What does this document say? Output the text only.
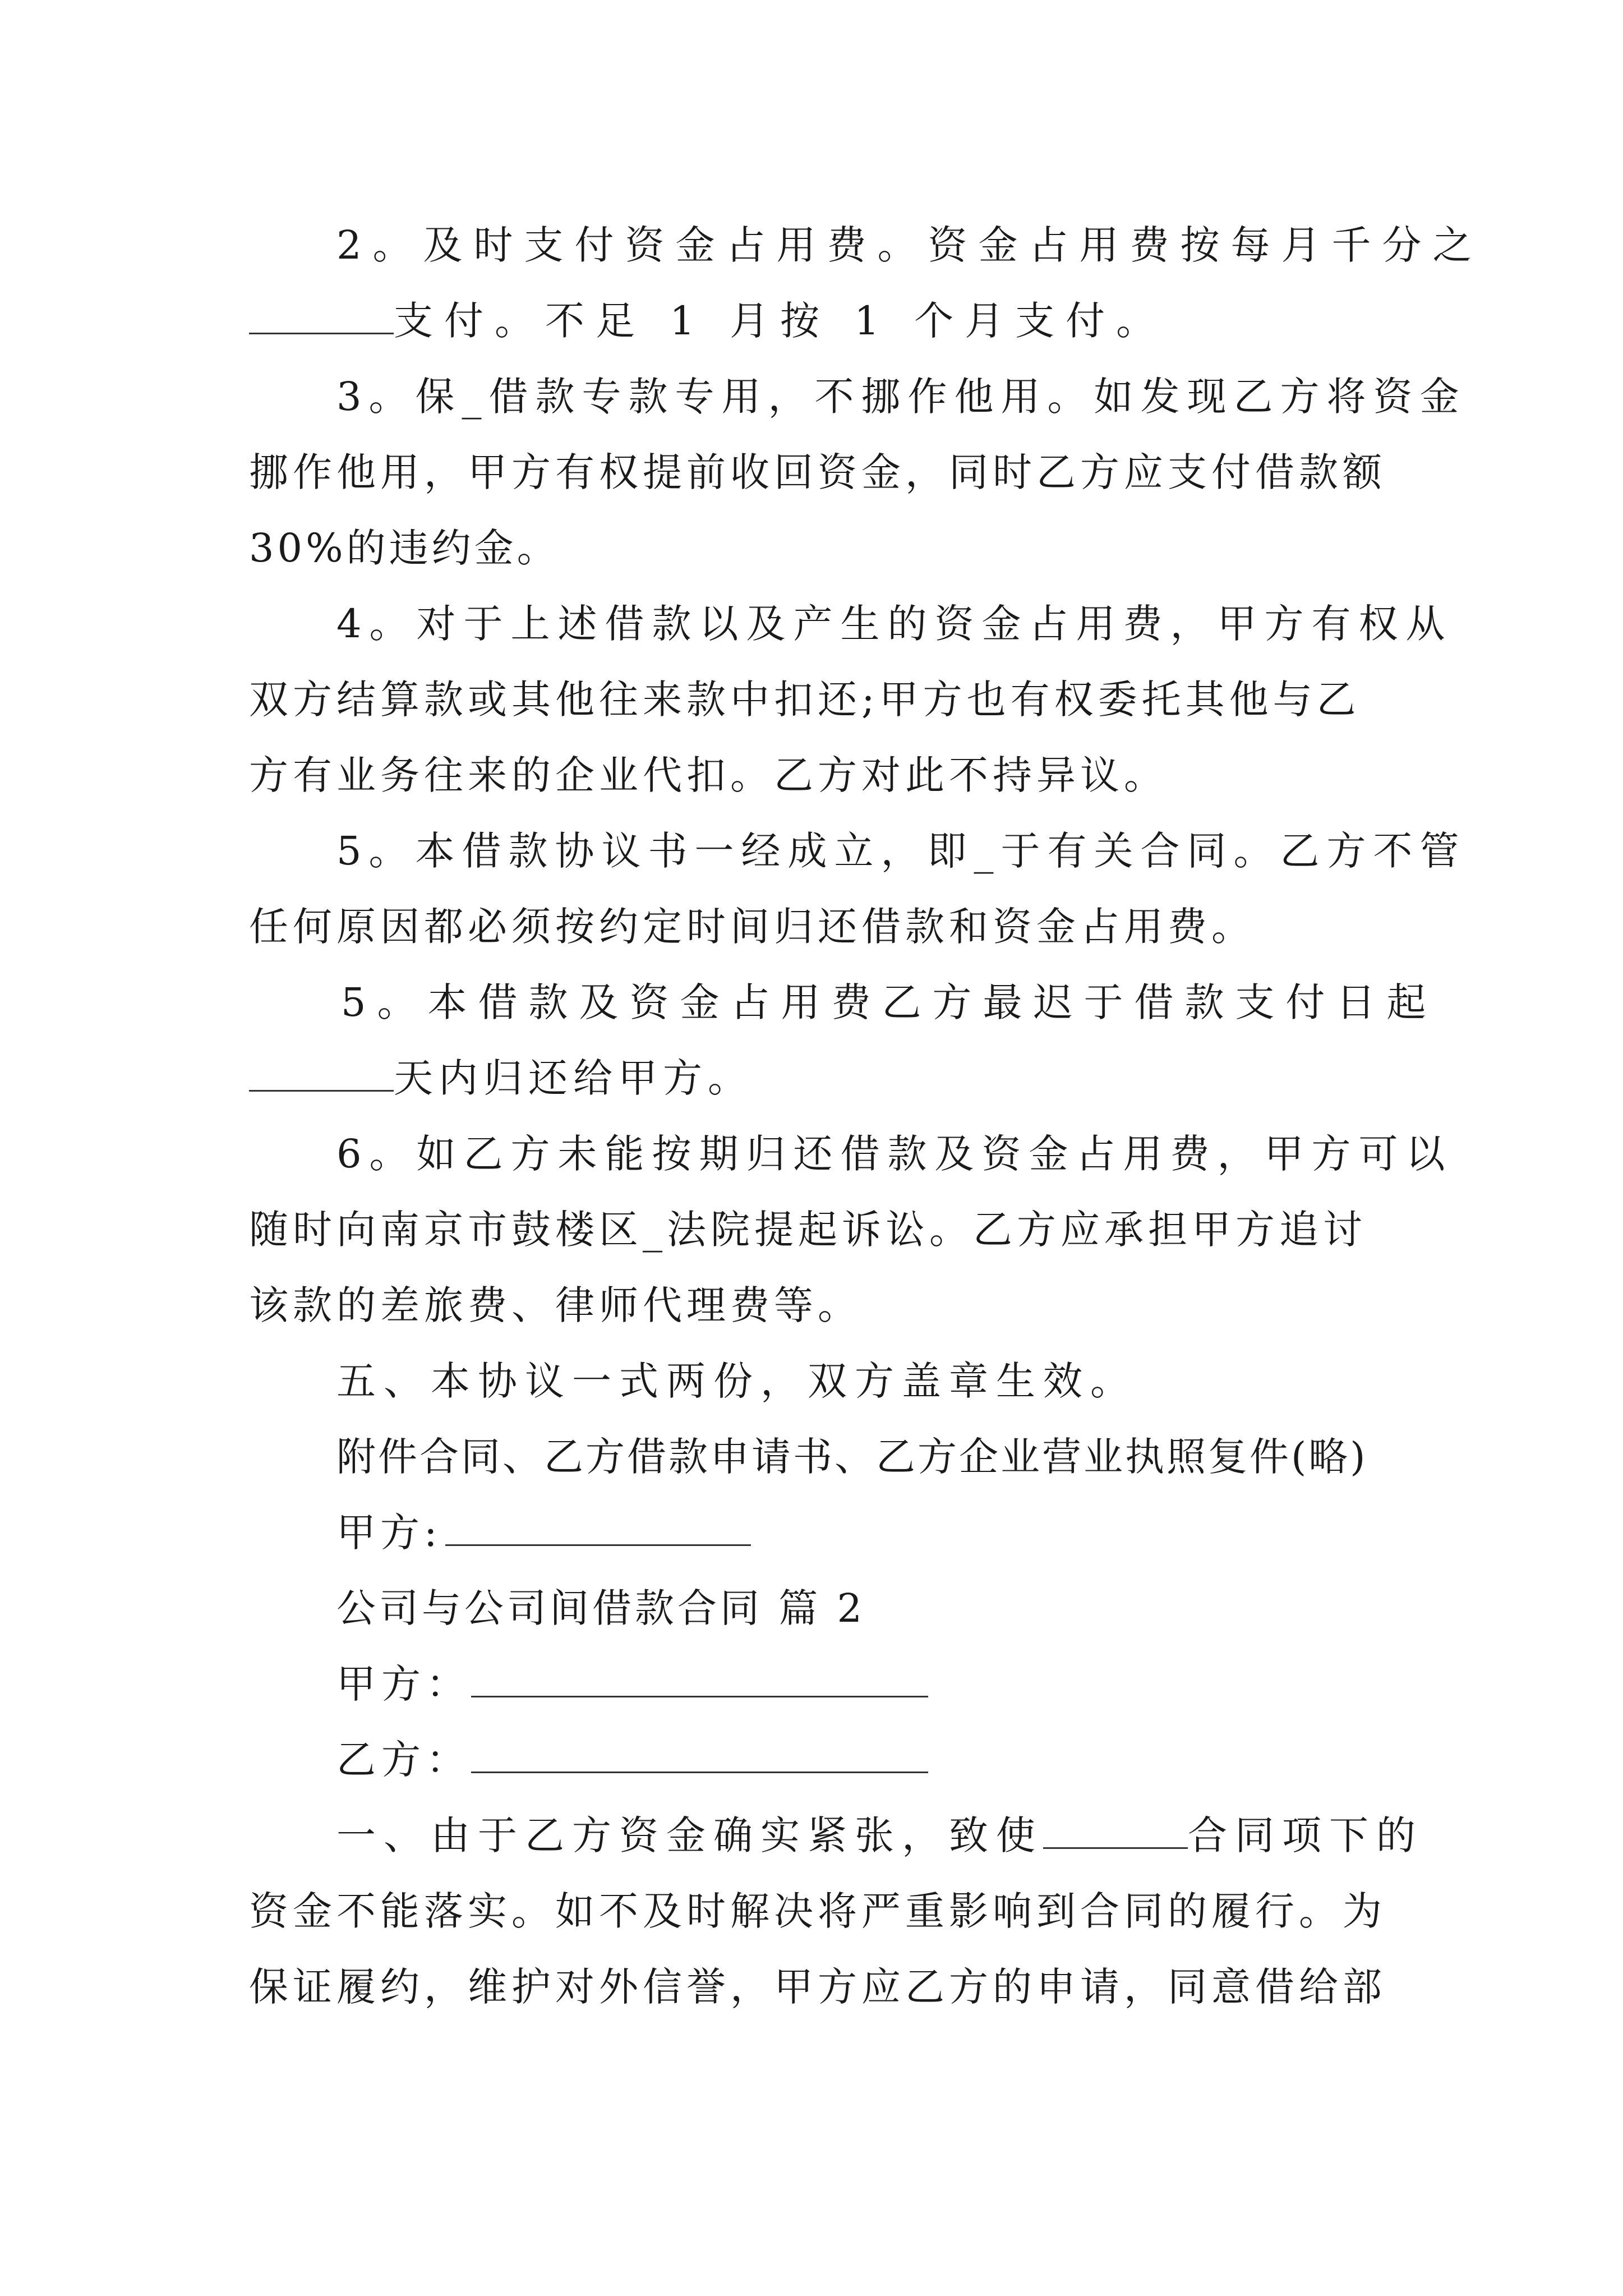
2。及时支付资金占用费。资金占用费按每月千分之
支付。不足 1 月按 1 个月支付。
3。保_借款专款专用，不挪作他用。如发现乙方将资金
挪作他用，甲方有权提前收回资金，同时乙方应支付借款额
30%的违约金。
4。对于上述借款以及产生的资金占用费，甲方有权从
双方结算款或其他往来款中扣还;甲方也有权委托其他与乙
方有业务往来的企业代扣。乙方对此不持异议。
5。本借款协议书一经成立，即_于有关合同。乙方不管
任何原因都必须按约定时间归还借款和资金占用费。
5。本借款及资金占用费乙方最迟于借款支付日起
天内归还给甲方。
6。如乙方未能按期归还借款及资金占用费，甲方可以
随时向南京市鼓楼区_法院提起诉讼。乙方应承担甲方追讨
该款的差旅费、律师代理费等。
五、本协议一式两份，双方盖章生效。
附件合同、乙方借款申请书、乙方企业营业执照复件(略)
甲方:
公司与公司间借款合同 篇 2
甲方：
乙方：
一、由于乙方资金确实紧张，致使	合同项下的
资金不能落实。如不及时解决将严重影响到合同的履行。为
保证履约，维护对外信誉，甲方应乙方的申请，同意借给部
